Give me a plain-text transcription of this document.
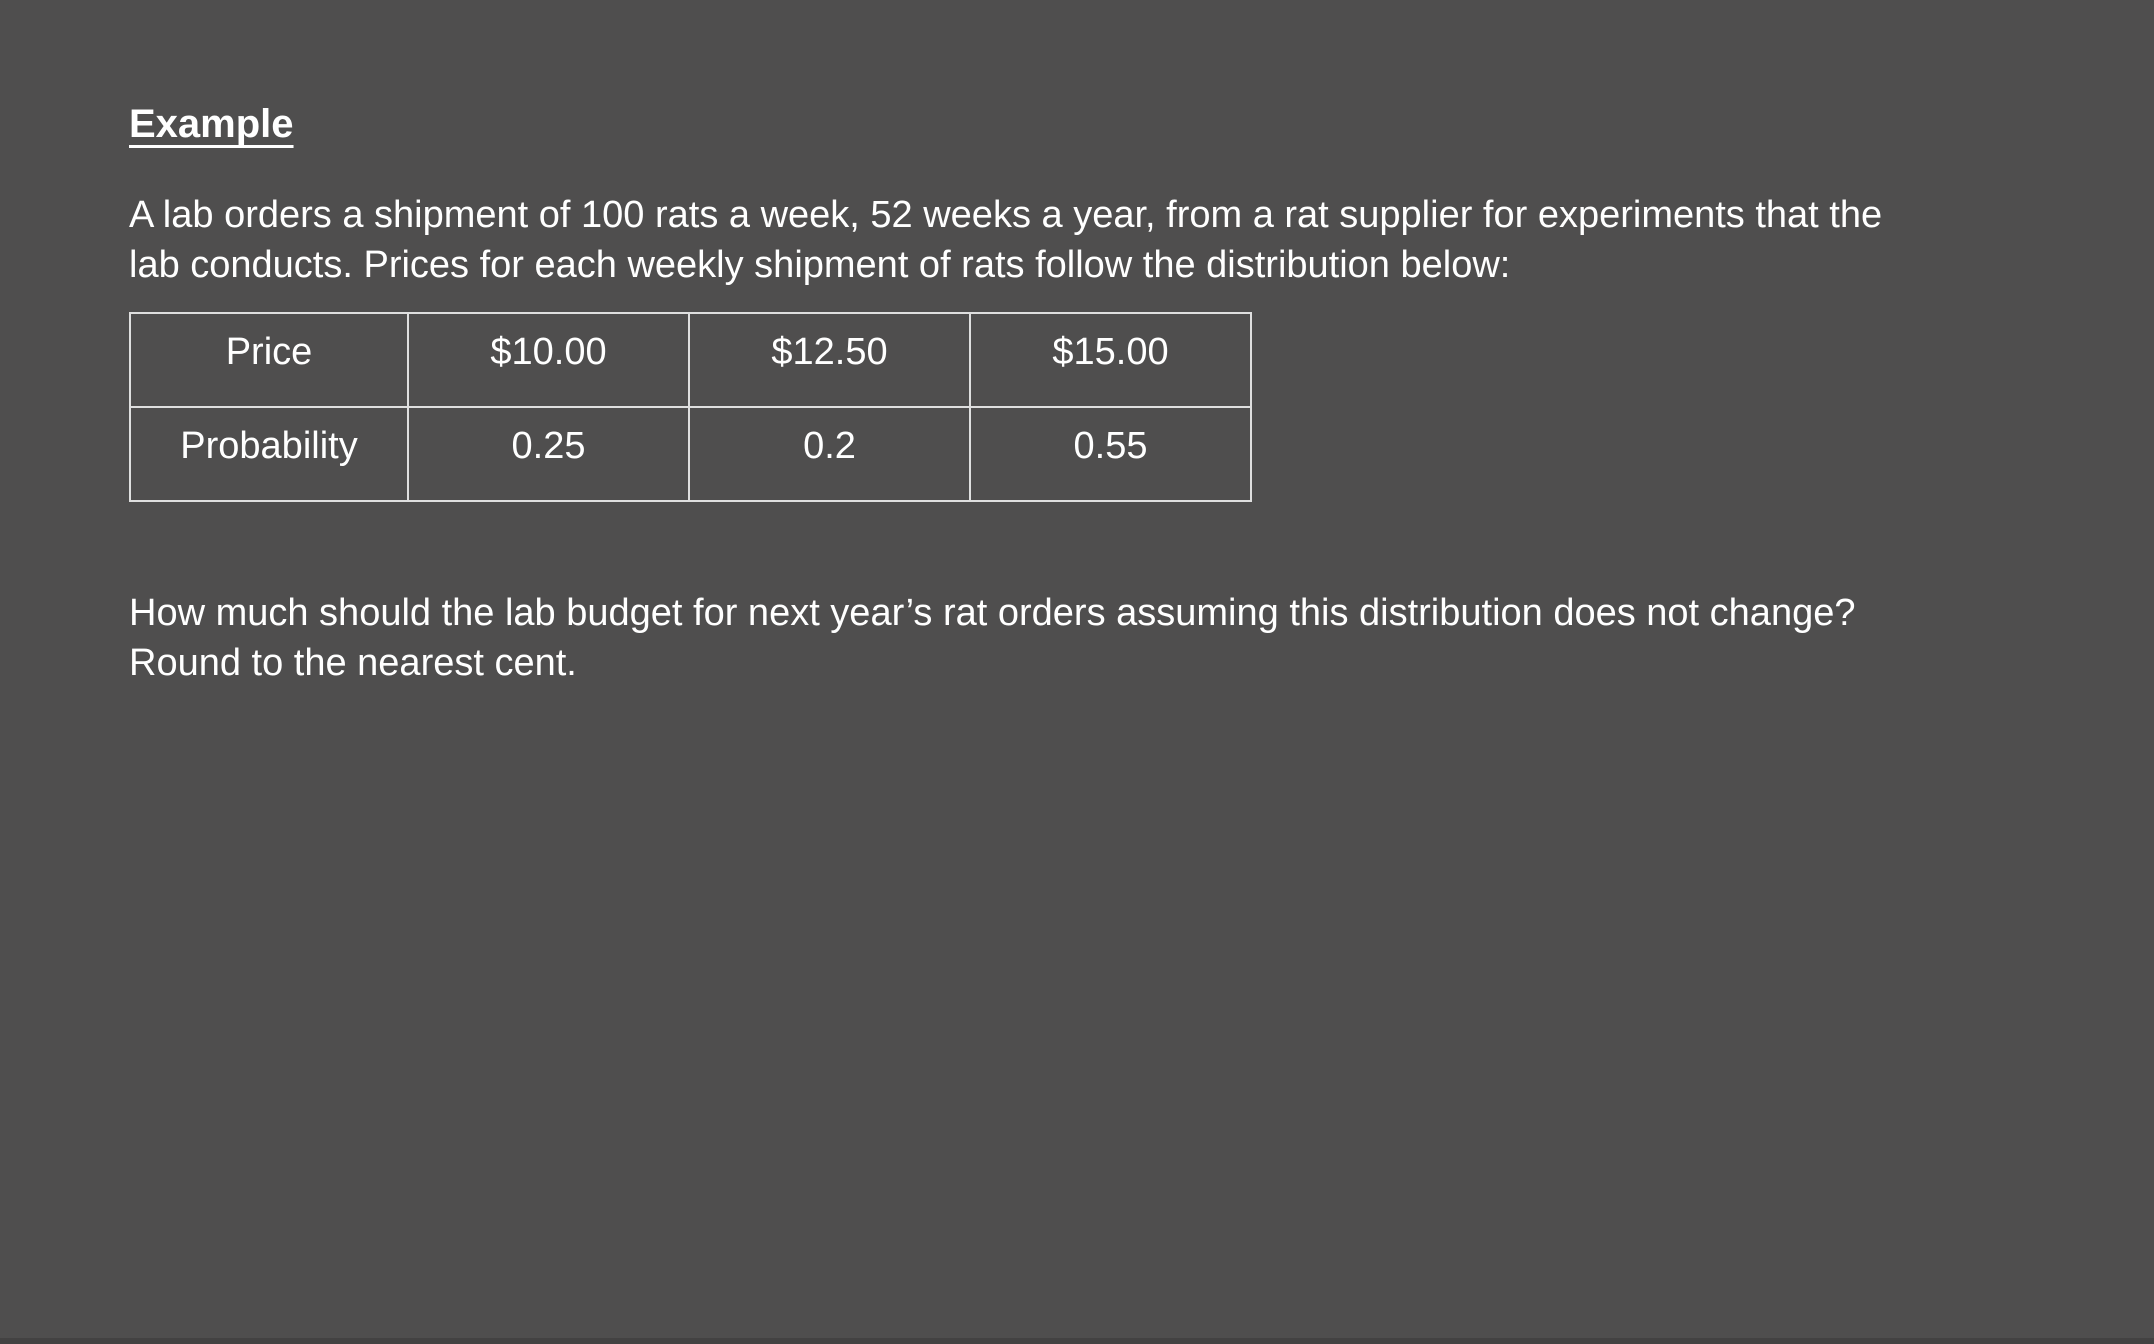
Example

A lab orders a shipment of 100 rats a week, 52 weeks a year, from a rat supplier for experiments that the
lab conducts. Prices for each weekly shipment of rats follow the distribution below:

Price	$10.00	$12.50	$15.00
Probability	0.25	0.2	0.55

How much should the lab budget for next year’s rat orders assuming this distribution does not change?
Round to the nearest cent.
